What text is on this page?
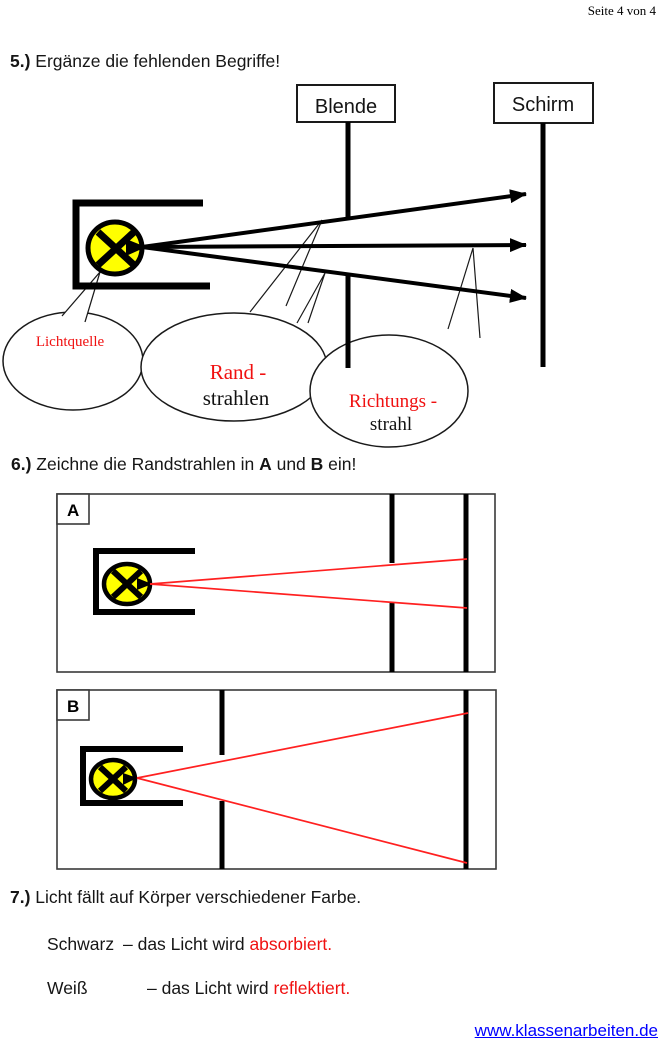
Seite 4 von 4
5.) Ergänze die fehlenden Begriffe!
Lichtquelle
Rand -
strahlen	Richtungs -
strahl
Blende	Schirm
6.) Zeichne die Randstrahlen in A und B ein!
A
B
7.) Licht fällt auf Körper verschiedener Farbe.
Schwarz – das Licht wird absorbiert.
Weiß	– das Licht wird reflektiert.
www.klassenarbeiten.de
